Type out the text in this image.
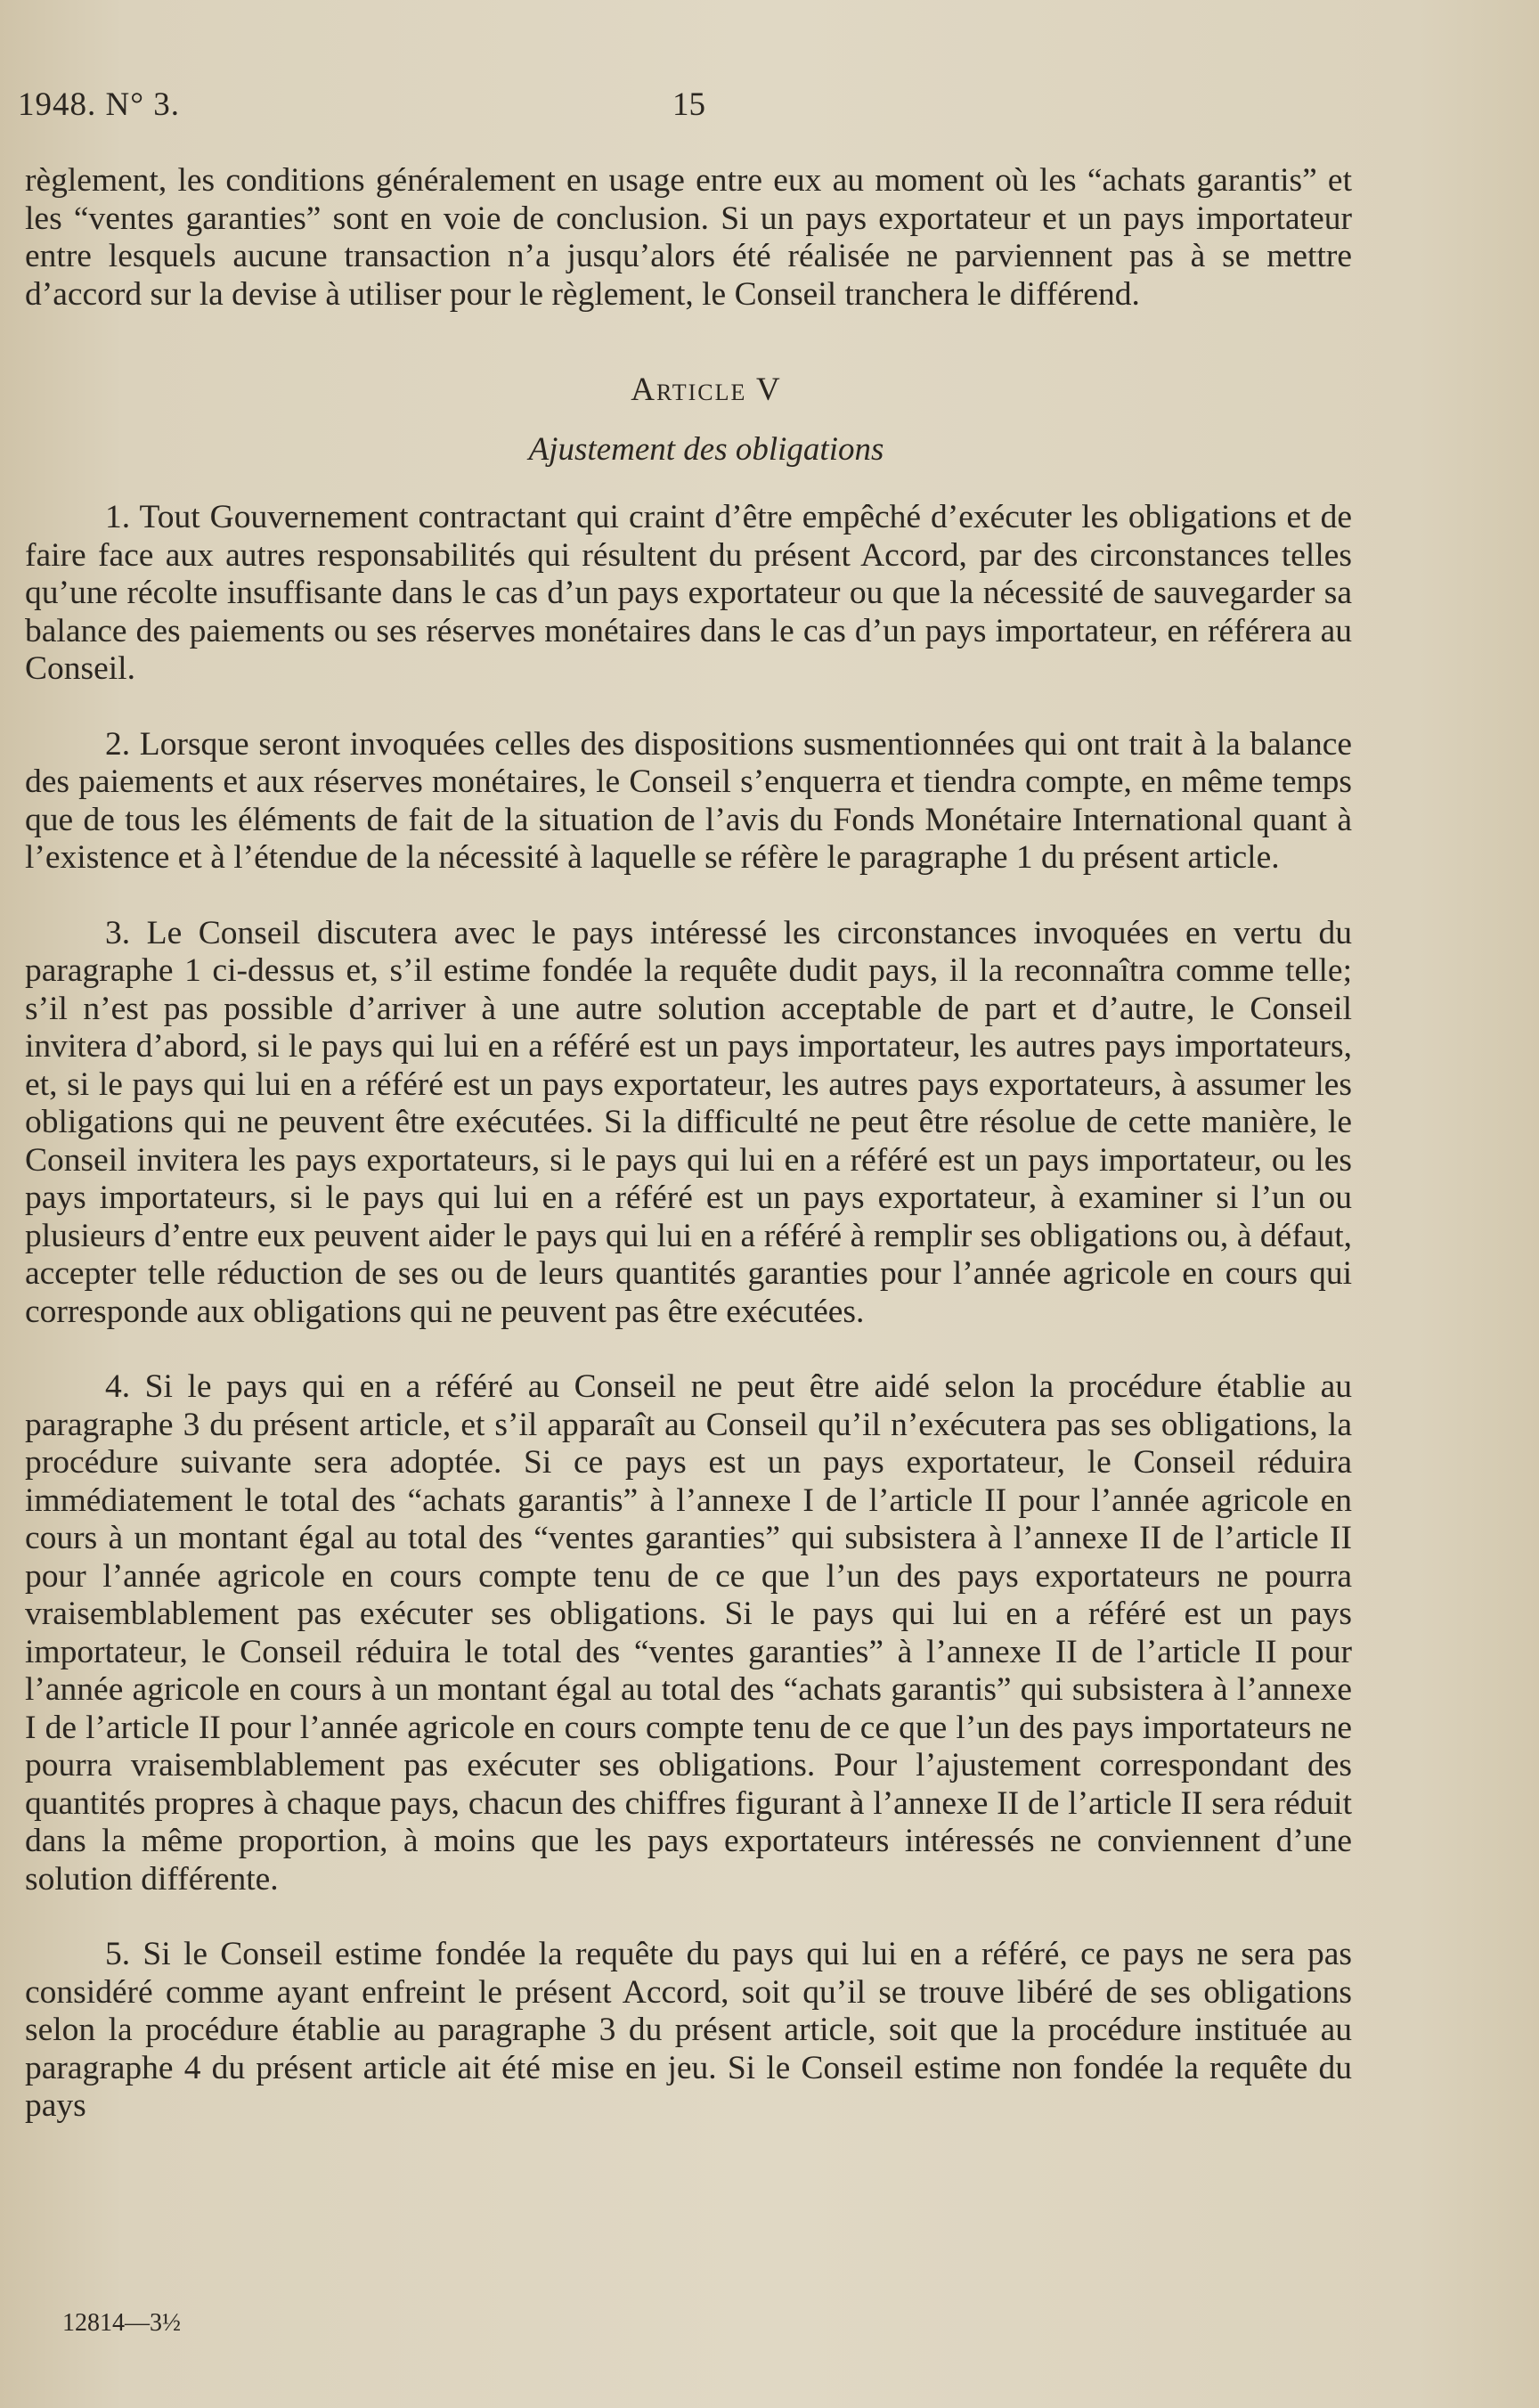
1948. N° 3.	15

règlement, les conditions généralement en usage entre eux au moment où les “achats garantis” et les “ventes garanties” sont en voie de conclusion. Si un pays exportateur et un pays importateur entre lesquels aucune transaction n’a jusqu’alors été réalisée ne parviennent pas à se mettre d’accord sur la devise à utiliser pour le règlement, le Conseil tranchera le différend.

Article V
Ajustement des obligations

1. Tout Gouvernement contractant qui craint d’être empêché d’exécuter les obligations et de faire face aux autres responsabilités qui résultent du présent Accord, par des circonstances telles qu’une récolte insuffisante dans le cas d’un pays exportateur ou que la nécessité de sauvegarder sa balance des paiements ou ses réserves monétaires dans le cas d’un pays importateur, en référera au Conseil.

2. Lorsque seront invoquées celles des dispositions susmentionnées qui ont trait à la balance des paiements et aux réserves monétaires, le Conseil s’enquerra et tiendra compte, en même temps que de tous les éléments de fait de la situation de l’avis du Fonds Monétaire International quant à l’existence et à l’étendue de la nécessité à laquelle se réfère le paragraphe 1 du présent article.

3. Le Conseil discutera avec le pays intéressé les circonstances invoquées en vertu du paragraphe 1 ci-dessus et, s’il estime fondée la requête dudit pays, il la reconnaîtra comme telle; s’il n’est pas possible d’arriver à une autre solution acceptable de part et d’autre, le Conseil invitera d’abord, si le pays qui lui en a référé est un pays importateur, les autres pays importateurs, et, si le pays qui lui en a référé est un pays exportateur, les autres pays exportateurs, à assumer les obligations qui ne peuvent être exécutées. Si la difficulté ne peut être résolue de cette manière, le Conseil invitera les pays exportateurs, si le pays qui lui en a référé est un pays importateur, ou les pays importateurs, si le pays qui lui en a référé est un pays exportateur, à examiner si l’un ou plusieurs d’entre eux peuvent aider le pays qui lui en a référé à remplir ses obligations ou, à défaut, accepter telle réduction de ses ou de leurs quantités garanties pour l’année agricole en cours qui corresponde aux obligations qui ne peuvent pas être exécutées.

4. Si le pays qui en a référé au Conseil ne peut être aidé selon la procédure établie au paragraphe 3 du présent article, et s’il apparaît au Conseil qu’il n’exécutera pas ses obligations, la procédure suivante sera adoptée. Si ce pays est un pays exportateur, le Conseil réduira immédiatement le total des “achats garantis” à l’annexe I de l’article II pour l’année agricole en cours à un montant égal au total des “ventes garanties” qui subsistera à l’annexe II de l’article II pour l’année agricole en cours compte tenu de ce que l’un des pays exportateurs ne pourra vraisemblablement pas exécuter ses obligations. Si le pays qui lui en a référé est un pays importateur, le Conseil réduira le total des “ventes garanties” à l’annexe II de l’article II pour l’année agricole en cours à un montant égal au total des “achats garantis” qui subsistera à l’annexe I de l’article II pour l’année agricole en cours compte tenu de ce que l’un des pays importateurs ne pourra vraisemblablement pas exécuter ses obligations. Pour l’ajustement correspondant des quantités propres à chaque pays, chacun des chiffres figurant à l’annexe II de l’article II sera réduit dans la même proportion, à moins que les pays exportateurs intéressés ne conviennent d’une solution différente.

5. Si le Conseil estime fondée la requête du pays qui lui en a référé, ce pays ne sera pas considéré comme ayant enfreint le présent Accord, soit qu’il se trouve libéré de ses obligations selon la procédure établie au paragraphe 3 du présent article, soit que la procédure instituée au paragraphe 4 du présent article ait été mise en jeu. Si le Conseil estime non fondée la requête du pays

12814—3½
